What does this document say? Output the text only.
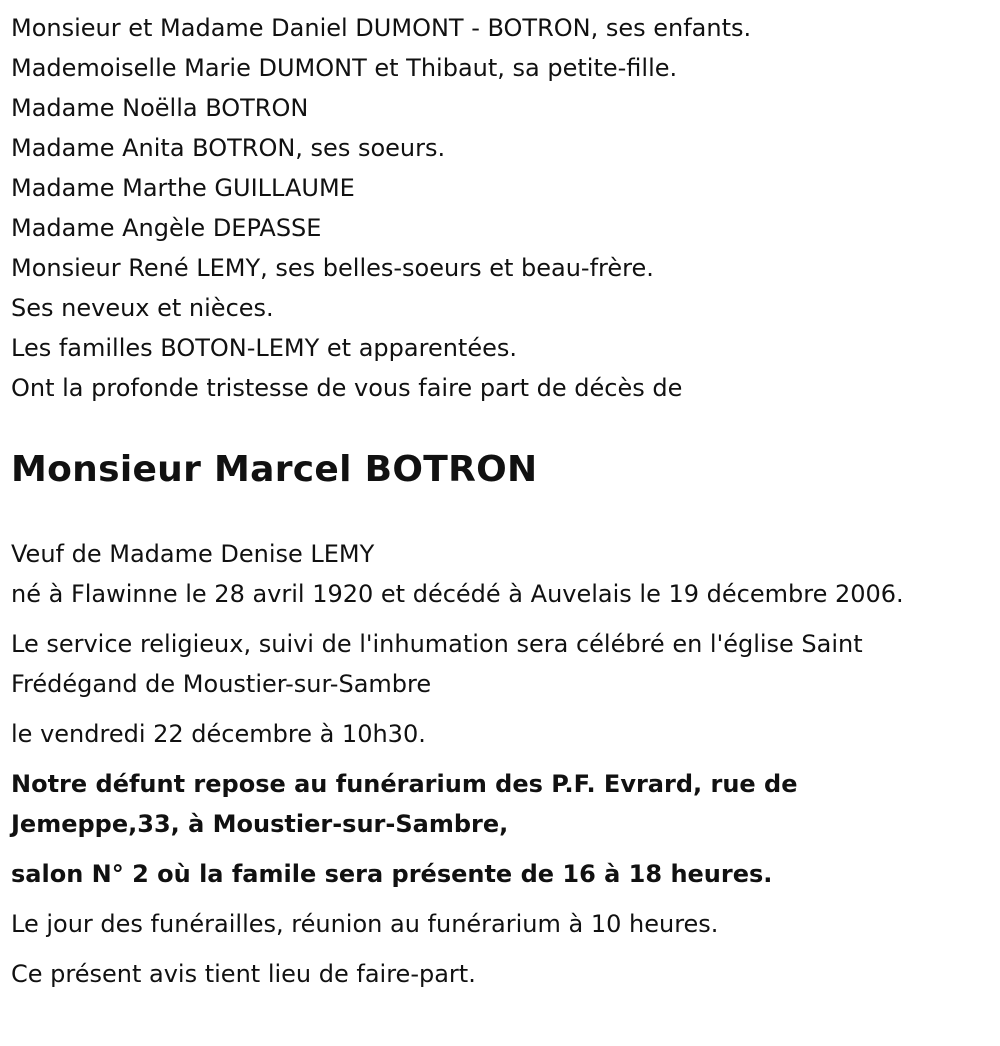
Monsieur et Madame Daniel DUMONT - BOTRON, ses enfants.
Mademoiselle Marie DUMONT et Thibaut, sa petite-fille.
Madame Noëlla BOTRON
Madame Anita BOTRON, ses soeurs.
Madame Marthe GUILLAUME
Madame Angèle DEPASSE
Monsieur René LEMY, ses belles-soeurs et beau-frère.
Ses neveux et nièces.
Les familles BOTON-LEMY et apparentées.
Ont la profonde tristesse de vous faire part de décès de
Monsieur Marcel BOTRON
Veuf de Madame Denise LEMY
né à Flawinne le 28 avril 1920 et décédé à Auvelais le 19 décembre 2006.
Le service religieux, suivi de l'inhumation sera célébré en l'église Saint Frédégand de Moustier-sur-Sambre
le vendredi 22 décembre à 10h30.
Notre défunt repose au funérarium des P.F. Evrard, rue de Jemeppe,33, à Moustier-sur-Sambre,
salon N° 2 où la famile sera présente de 16 à 18 heures.
Le jour des funérailles, réunion au funérarium à 10 heures.
Ce présent avis tient lieu de faire-part.
